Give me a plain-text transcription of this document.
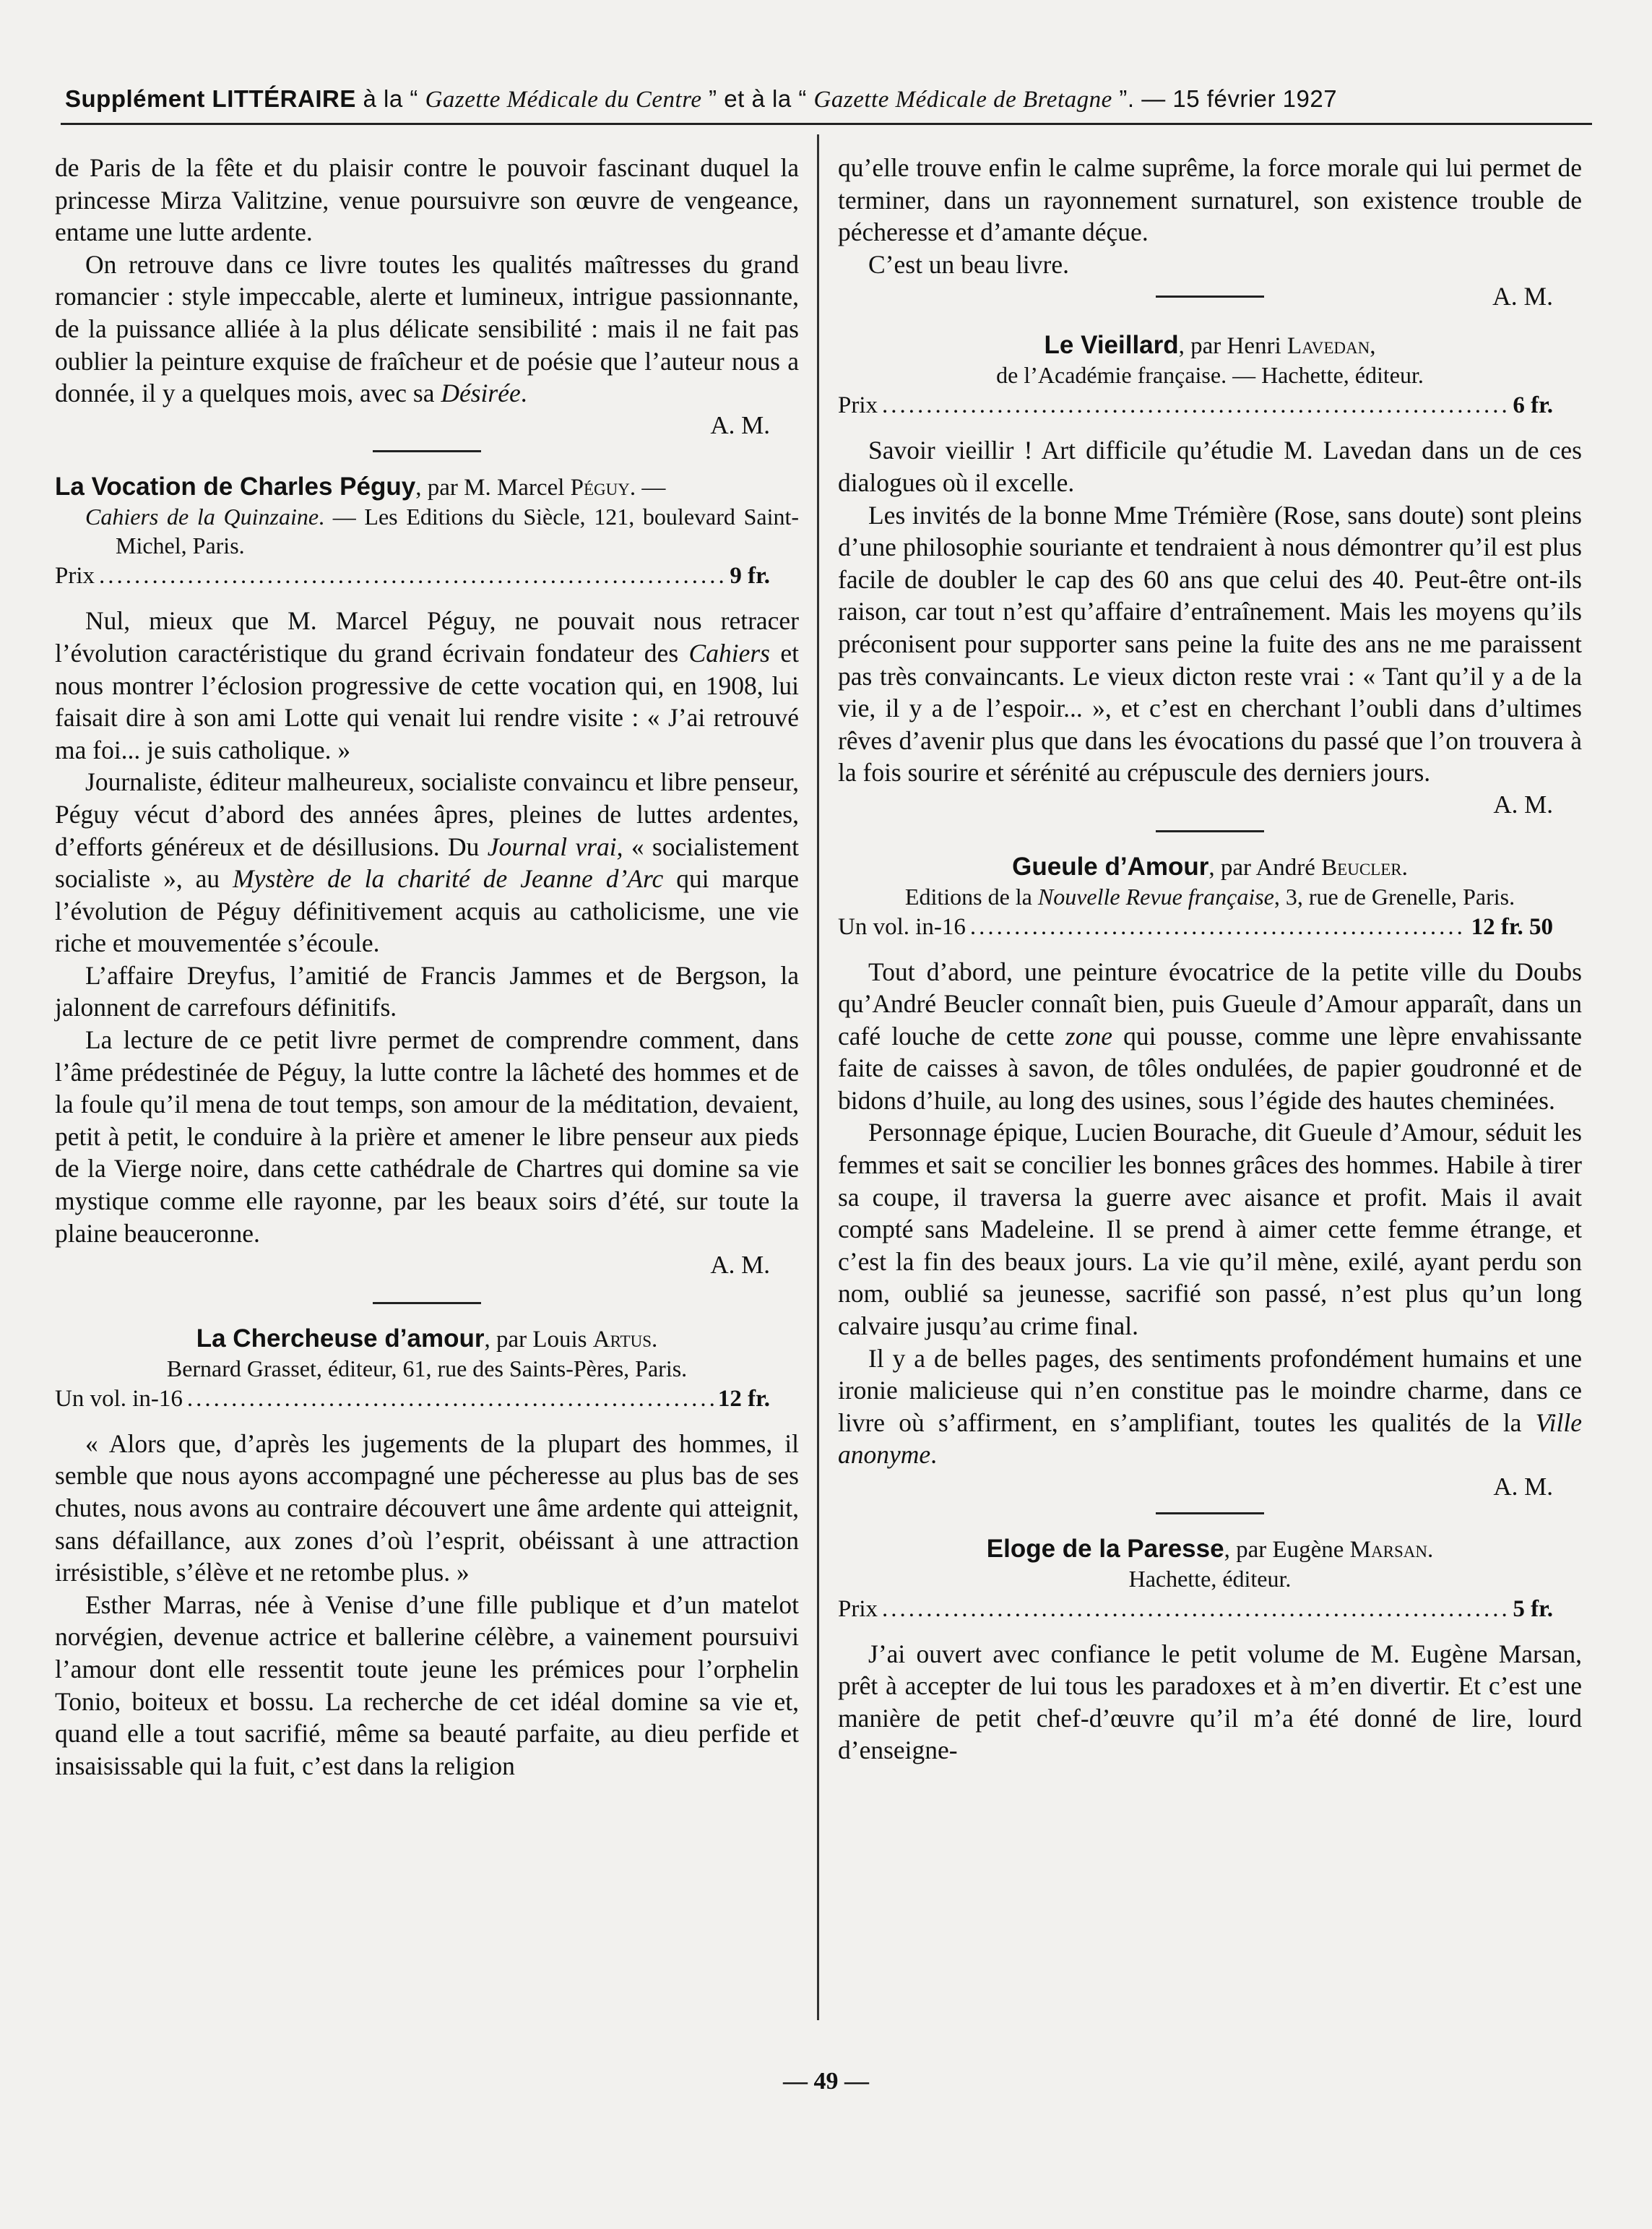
Supplément LITTÉRAIRE à la “ Gazette Médicale du Centre ” et à la “ Gazette Médicale de Bretagne ”. — 15 février 1927

de Paris de la fête et du plaisir contre le pouvoir fascinant duquel la princesse Mirza Valitzine, venue poursuivre son œuvre de vengeance, entame une lutte ardente.

On retrouve dans ce livre toutes les qualités maîtresses du grand romancier : style impeccable, alerte et lumineux, intrigue passionnante, de la puissance alliée à la plus délicate sensibilité : mais il ne fait pas oublier la peinture exquise de fraîcheur et de poésie que l’auteur nous a donnée, il y a quelques mois, avec sa Désirée.

A. M.

La Vocation de Charles Péguy, par M. Marcel Péguy. —
Cahiers de la Quinzaine. — Les Editions du Siècle, 121, boulevard Saint-Michel, Paris.
Prix .....	9 fr.

Nul, mieux que M. Marcel Péguy, ne pouvait nous retracer l’évolution caractéristique du grand écrivain fondateur des Cahiers et nous montrer l’éclosion progressive de cette vocation qui, en 1908, lui faisait dire à son ami Lotte qui venait lui rendre visite : « J’ai retrouvé ma foi... je suis catholique. »

Journaliste, éditeur malheureux, socialiste convaincu et libre penseur, Péguy vécut d’abord des années âpres, pleines de luttes ardentes, d’efforts généreux et de désillusions. Du Journal vrai, « socialistement socialiste », au Mystère de la charité de Jeanne d’Arc qui marque l’évolution de Péguy définitivement acquis au catholicisme, une vie riche et mouvementée s’écoule.

L’affaire Dreyfus, l’amitié de Francis Jammes et de Bergson, la jalonnent de carrefours définitifs.

La lecture de ce petit livre permet de comprendre comment, dans l’âme prédestinée de Péguy, la lutte contre la lâcheté des hommes et de la foule qu’il mena de tout temps, son amour de la méditation, devaient, petit à petit, le conduire à la prière et amener le libre penseur aux pieds de la Vierge noire, dans cette cathédrale de Chartres qui domine sa vie mystique comme elle rayonne, par les beaux soirs d’été, sur toute la plaine beauceronne.

A. M.

La Chercheuse d’amour, par Louis Artus.
Bernard Grasset, éditeur, 61, rue des Saints-Pères, Paris.
Un vol. in-16 .....	12 fr.

« Alors que, d’après les jugements de la plupart des hommes, il semble que nous ayons accompagné une pécheresse au plus bas de ses chutes, nous avons au contraire découvert une âme ardente qui atteignit, sans défaillance, aux zones d’où l’esprit, obéissant à une attraction irrésistible, s’élève et ne retombe plus. »

Esther Marras, née à Venise d’une fille publique et d’un matelot norvégien, devenue actrice et ballerine célèbre, a vainement poursuivi l’amour dont elle ressentit toute jeune les prémices pour l’orphelin Tonio, boiteux et bossu. La recherche de cet idéal domine sa vie et, quand elle a tout sacrifié, même sa beauté parfaite, au dieu perfide et insaisissable qui la fuit, c’est dans la religion

qu’elle trouve enfin le calme suprême, la force morale qui lui permet de terminer, dans un rayonnement surnaturel, son existence trouble de pécheresse et d’amante déçue.

C’est un beau livre.

A. M.
Le Vieillard, par Henri Lavedan,
de l’Académie française. — Hachette, éditeur.
Prix .....	6 fr.

Savoir vieillir ! Art difficile qu’étudie M. Lavedan dans un de ces dialogues où il excelle.

Les invités de la bonne Mme Trémière (Rose, sans doute) sont pleins d’une philosophie souriante et tendraient à nous démontrer qu’il est plus facile de doubler le cap des 60 ans que celui des 40. Peut-être ont-ils raison, car tout n’est qu’affaire d’entraînement. Mais les moyens qu’ils préconisent pour supporter sans peine la fuite des ans ne me paraissent pas très convaincants. Le vieux dicton reste vrai : « Tant qu’il y a de la vie, il y a de l’espoir... », et c’est en cherchant l’oubli dans d’ultimes rêves d’avenir plus que dans les évocations du passé que l’on trouvera à la fois sourire et sérénité au crépuscule des derniers jours.

A. M.

Gueule d’Amour, par André Beucler.
Editions de la Nouvelle Revue française, 3, rue de Grenelle, Paris.
Un vol. in-16 .....	12 fr. 50

Tout d’abord, une peinture évocatrice de la petite ville du Doubs qu’André Beucler connaît bien, puis Gueule d’Amour apparaît, dans un café louche de cette zone qui pousse, comme une lèpre envahissante faite de caisses à savon, de tôles ondulées, de papier goudronné et de bidons d’huile, au long des usines, sous l’égide des hautes cheminées.

Personnage épique, Lucien Bourache, dit Gueule d’Amour, séduit les femmes et sait se concilier les bonnes grâces des hommes. Habile à tirer sa coupe, il traversa la guerre avec aisance et profit. Mais il avait compté sans Madeleine. Il se prend à aimer cette femme étrange, et c’est la fin des beaux jours. La vie qu’il mène, exilé, ayant perdu son nom, oublié sa jeunesse, sacrifié son passé, n’est plus qu’un long calvaire jusqu’au crime final.

Il y a de belles pages, des sentiments profondément humains et une ironie malicieuse qui n’en constitue pas le moindre charme, dans ce livre où s’affirment, en s’amplifiant, toutes les qualités de la Ville anonyme.

A. M.

Eloge de la Paresse, par Eugène Marsan.
Hachette, éditeur.
Prix .....	5 fr.

J’ai ouvert avec confiance le petit volume de M. Eugène Marsan, prêt à accepter de lui tous les paradoxes et à m’en divertir. Et c’est une manière de petit chef-d’œuvre qu’il m’a été donné de lire, lourd d’enseigne-

— 49 —
